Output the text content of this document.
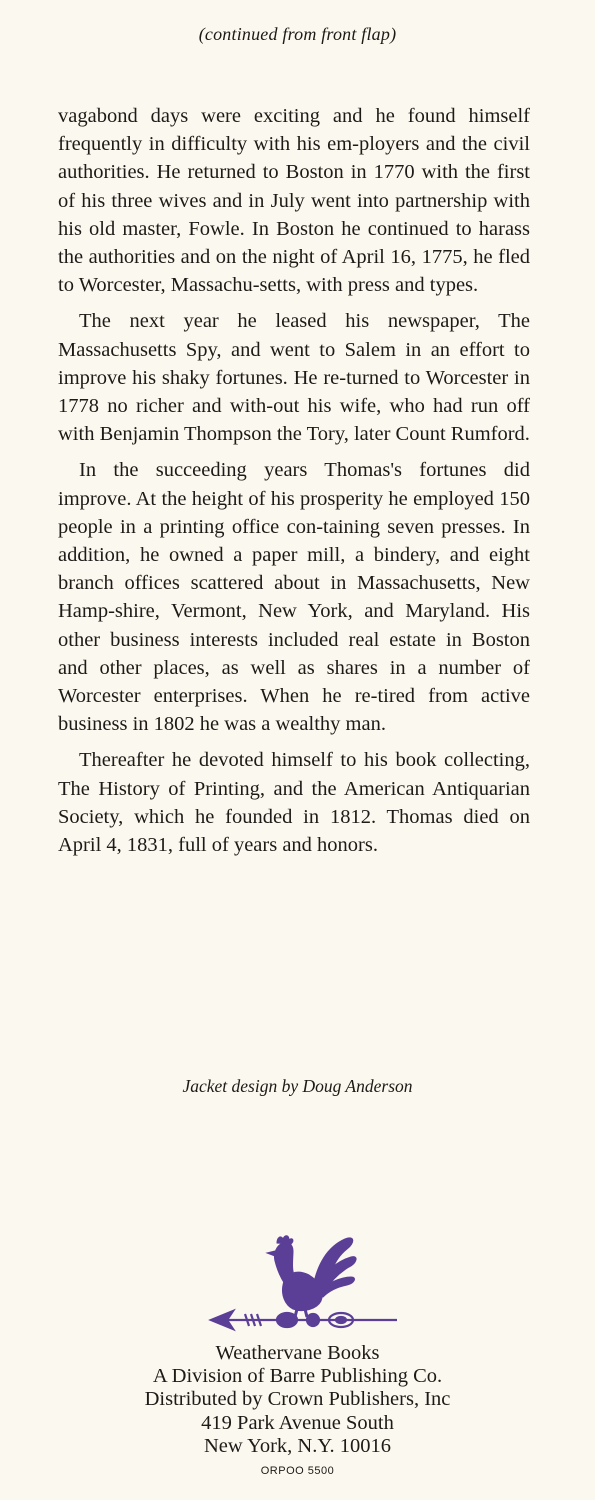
(continued from front flap)

vagabond days were exciting and he found himself frequently in difficulty with his em-ployers and the civil authorities. He returned to Boston in 1770 with the first of his three wives and in July went into partnership with his old master, Fowle. In Boston he continued to harass the authorities and on the night of April 16, 1775, he fled to Worcester, Massachu-setts, with press and types.

The next year he leased his newspaper, The Massachusetts Spy, and went to Salem in an effort to improve his shaky fortunes. He re-turned to Worcester in 1778 no richer and with-out his wife, who had run off with Benjamin Thompson the Tory, later Count Rumford.

In the succeeding years Thomas's fortunes did improve. At the height of his prosperity he employed 150 people in a printing office con-taining seven presses. In addition, he owned a paper mill, a bindery, and eight branch offices scattered about in Massachusetts, New Hamp-shire, Vermont, New York, and Maryland. His other business interests included real estate in Boston and other places, as well as shares in a number of Worcester enterprises. When he re-tired from active business in 1802 he was a wealthy man.

Thereafter he devoted himself to his book collecting, The History of Printing, and the American Antiquarian Society, which he founded in 1812. Thomas died on April 4, 1831, full of years and honors.

Jacket design by Doug Anderson
Weathervane Books
A Division of Barre Publishing Co.
Distributed by Crown Publishers, Inc
419 Park Avenue South
New York, N.Y. 10016
ORPOO 5500
